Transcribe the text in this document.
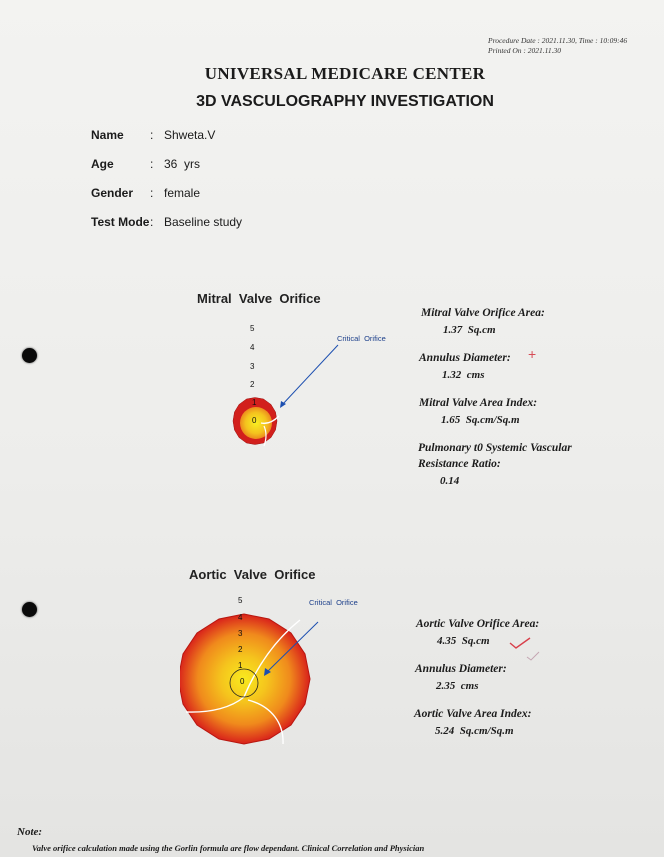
Procedure Date : 2021.11.30, Time : 10:09:46
Printed On : 2021.11.30
UNIVERSAL MEDICARE CENTER
3D VASCULOGRAPHY INVESTIGATION
Name : Shweta.V
Age	: 36  yrs
Gender : female
Test Mode : Baseline study
Mitral  Valve  Orifice
5
4
3
2
Critical  Orifice
1
0
Mitral Valve Orifice Area:
1.37  Sq.cm
Annulus Diameter: +
1.32  cms
Mitral Valve Area Index:
1.65  Sq.cm/Sq.m
Pulmonary t0 Systemic Vascular
Resistance Ratio:
0.14
Aortic  Valve  Orifice
Critical  Orifice
5
4
3
2
1
0
Aortic Valve Orifice Area:
4.35  Sq.cm
Annulus Diameter:
2.35  cms
Aortic Valve Area Index:
5.24  Sq.cm/Sq.m
Note:
Valve orifice calculation made using the Gorlin formula are flow dependant. Clinical Correlation and Physician
